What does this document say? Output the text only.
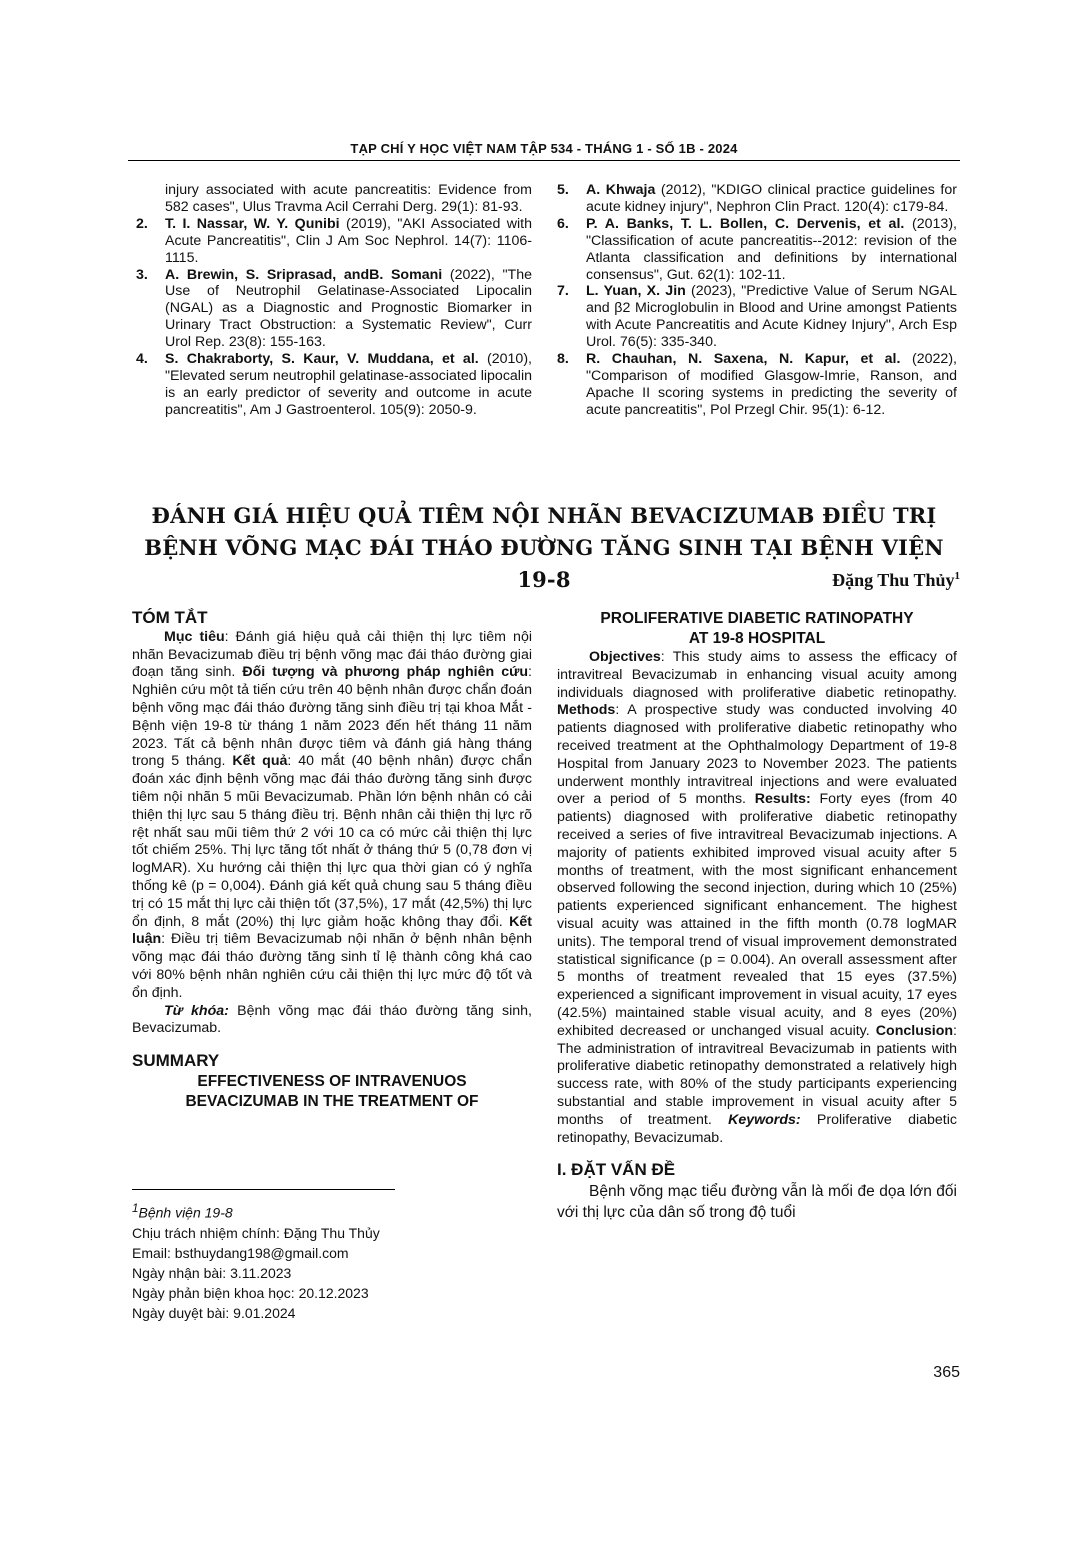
TẠP CHÍ Y HỌC VIỆT NAM TẬP 534 - THÁNG 1 - SỐ 1B - 2024
injury associated with acute pancreatitis: Evidence from 582 cases", Ulus Travma Acil Cerrahi Derg. 29(1): 81-93.
2. T. I. Nassar, W. Y. Qunibi (2019), "AKI Associated with Acute Pancreatitis", Clin J Am Soc Nephrol. 14(7): 1106-1115.
3. A. Brewin, S. Sriprasad, andB. Somani (2022), "The Use of Neutrophil Gelatinase-Associated Lipocalin (NGAL) as a Diagnostic and Prognostic Biomarker in Urinary Tract Obstruction: a Systematic Review", Curr Urol Rep. 23(8): 155-163.
4. S. Chakraborty, S. Kaur, V. Muddana, et al. (2010), "Elevated serum neutrophil gelatinase-associated lipocalin is an early predictor of severity and outcome in acute pancreatitis", Am J Gastroenterol. 105(9): 2050-9.
5. A. Khwaja (2012), "KDIGO clinical practice guidelines for acute kidney injury", Nephron Clin Pract. 120(4): c179-84.
6. P. A. Banks, T. L. Bollen, C. Dervenis, et al. (2013), "Classification of acute pancreatitis--2012: revision of the Atlanta classification and definitions by international consensus", Gut. 62(1): 102-11.
7. L. Yuan, X. Jin (2023), "Predictive Value of Serum NGAL and β2 Microglobulin in Blood and Urine amongst Patients with Acute Pancreatitis and Acute Kidney Injury", Arch Esp Urol. 76(5): 335-340.
8. R. Chauhan, N. Saxena, N. Kapur, et al. (2022), "Comparison of modified Glasgow-Imrie, Ranson, and Apache II scoring systems in predicting the severity of acute pancreatitis", Pol Przegl Chir. 95(1): 6-12.
ĐÁNH GIÁ HIỆU QUẢ TIÊM NỘI NHÃN BEVACIZUMAB ĐIỀU TRỊ
BỆNH VÕNG MẠC ĐÁI THÁO ĐƯỜNG TĂNG SINH TẠI BỆNH VIỆN 19-8	Đặng Thu Thủy$^1$
TÓM TẮT
Mục tiêu: Đánh giá hiệu quả cải thiện thị lực tiêm nội nhãn Bevacizumab điều trị bệnh võng mạc đái tháo đường giai đoạn tăng sinh. Đối tượng và phương pháp nghiên cứu: Nghiên cứu một tả tiến cứu trên 40 bệnh nhân được chẩn đoán bệnh võng mạc đái tháo đường tăng sinh điều trị tại khoa Mắt - Bệnh viện 19-8 từ tháng 1 năm 2023 đến hết tháng 11 năm 2023. Tất cả bệnh nhân được tiêm và đánh giá hàng tháng trong 5 tháng. Kết quả: 40 mắt (40 bệnh nhân) được chẩn đoán xác định bệnh võng mạc đái tháo đường tăng sinh được tiêm nội nhãn 5 mũi Bevacizumab. Phần lớn bệnh nhân có cải thiện thị lực sau 5 tháng điều trị. Bệnh nhân cải thiện thị lực rõ rệt nhất sau mũi tiêm thứ 2 với 10 ca có mức cải thiện thị lực tốt chiếm 25%. Thị lực tăng tốt nhất ở tháng thứ 5 (0,78 đơn vị logMAR). Xu hướng cải thiện thị lực qua thời gian có ý nghĩa thống kê (p = 0,004). Đánh giá kết quả chung sau 5 tháng điều trị có 15 mắt thị lực cải thiện tốt (37,5%), 17 mắt (42,5%) thị lực ổn định, 8 mắt (20%) thị lực giảm hoặc không thay đổi. Kết luận: Điều trị tiêm Bevacizumab nội nhãn ở bệnh nhân bệnh võng mạc đái tháo đường tăng sinh tỉ lệ thành công khá cao với 80% bệnh nhân nghiên cứu cải thiện thị lực mức độ tốt và ổn định.
Từ khóa: Bệnh võng mạc đái tháo đường tăng sinh, Bevacizumab.
SUMMARY
EFFECTIVENESS OF INTRAVENUOS
BEVACIZUMAB IN THE TREATMENT OF
$^1$Bệnh viện 19-8
Chịu trách nhiệm chính: Đặng Thu Thủy
Email: bsthuydang198@gmail.com
Ngày nhận bài: 3.11.2023
Ngày phản biện khoa học: 20.12.2023
Ngày duyệt bài: 9.01.2024
PROLIFERATIVE DIABETIC RATINOPATHY
AT 19-8 HOSPITAL
Objectives: This study aims to assess the efficacy of intravitreal Bevacizumab in enhancing visual acuity among individuals diagnosed with proliferative diabetic retinopathy. Methods: A prospective study was conducted involving 40 patients diagnosed with proliferative diabetic retinopathy who received treatment at the Ophthalmology Department of 19-8 Hospital from January 2023 to November 2023. The patients underwent monthly intravitreal injections and were evaluated over a period of 5 months. Results: Forty eyes (from 40 patients) diagnosed with proliferative diabetic retinopathy received a series of five intravitreal Bevacizumab injections. A majority of patients exhibited improved visual acuity after 5 months of treatment, with the most significant enhancement observed following the second injection, during which 10 (25%) patients experienced significant enhancement. The highest visual acuity was attained in the fifth month (0.78 logMAR units). The temporal trend of visual improvement demonstrated statistical significance (p = 0.004). An overall assessment after 5 months of treatment revealed that 15 eyes (37.5%) experienced a significant improvement in visual acuity, 17 eyes (42.5%) maintained stable visual acuity, and 8 eyes (20%) exhibited decreased or unchanged visual acuity. Conclusion: The administration of intravitreal Bevacizumab in patients with proliferative diabetic retinopathy demonstrated a relatively high success rate, with 80% of the study participants experiencing substantial and stable improvement in visual acuity after 5 months of treatment. Keywords: Proliferative diabetic retinopathy, Bevacizumab.
I. ĐẶT VẤN ĐỀ
Bệnh võng mạc tiểu đường vẫn là mối đe dọa lớn đối với thị lực của dân số trong độ tuổi
365
